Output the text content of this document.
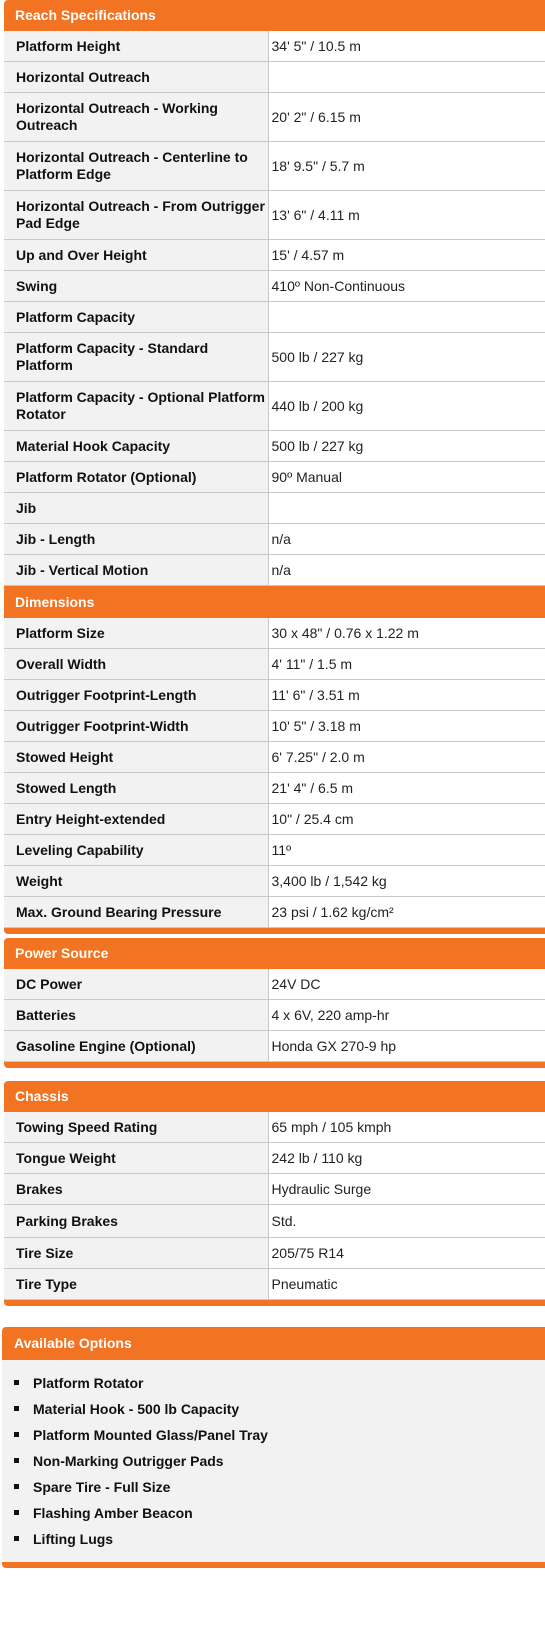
Reach Specifications
Platform Height	34' 5" / 10.5 m
Horizontal Outreach	
Horizontal Outreach - Working Outreach	20' 2" / 6.15 m
Horizontal Outreach - Centerline to Platform Edge	18' 9.5" / 5.7 m
Horizontal Outreach - From Outrigger Pad Edge	13' 6" / 4.11 m
Up and Over Height	15' / 4.57 m
Swing	410º Non-Continuous
Platform Capacity	
Platform Capacity - Standard Platform	500 lb / 227 kg
Platform Capacity - Optional Platform Rotator	440 lb / 200 kg
Material Hook Capacity	500 lb / 227 kg
Platform Rotator (Optional)	90º Manual
Jib	
Jib - Length	n/a
Jib - Vertical Motion	n/a
Dimensions
Platform Size	30 x 48" / 0.76 x 1.22 m
Overall Width	4' 11" / 1.5 m
Outrigger Footprint-Length	11' 6" / 3.51 m
Outrigger Footprint-Width	10' 5" / 3.18 m
Stowed Height	6' 7.25" / 2.0 m
Stowed Length	21' 4" / 6.5 m
Entry Height-extended	10" / 25.4 cm
Leveling Capability	11º
Weight	3,400 lb / 1,542 kg
Max. Ground Bearing Pressure	23 psi / 1.62 kg/cm²
Power Source
DC Power	24V DC
Batteries	4 x 6V, 220 amp-hr
Gasoline Engine (Optional)	Honda GX 270-9 hp
Chassis
Towing Speed Rating	65 mph / 105 kmph
Tongue Weight	242 lb / 110 kg
Brakes	Hydraulic Surge
Parking Brakes	Std.
Tire Size	205/75 R14
Tire Type	Pneumatic
Available Options
Platform Rotator
Material Hook - 500 lb Capacity
Platform Mounted Glass/Panel Tray
Non-Marking Outrigger Pads
Spare Tire - Full Size
Flashing Amber Beacon
Lifting Lugs
